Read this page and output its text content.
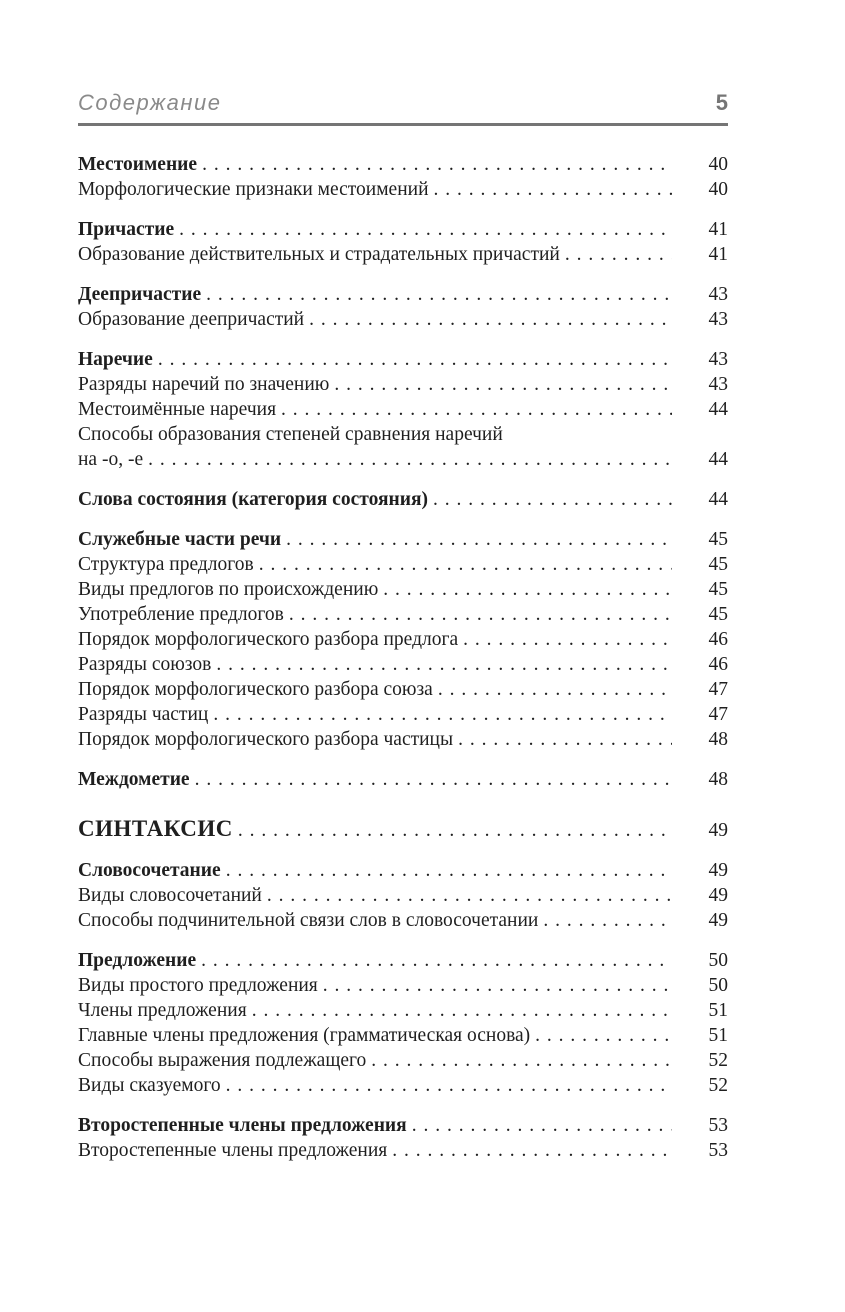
Содержание	5
Местоимение . . .	40
Морфологические признаки местоимений . . .	40
Причастие . . .	41
Образование действительных и страдательных причастий . . .	41
Деепричастие . . .	43
Образование деепричастий . . .	43
Наречие . . .	43
Разряды наречий по значению . . .	43
Местоимённые наречия . . .	44
Способы образования степеней сравнения наречий
на -о, -е . . .	44
Слова состояния (категория состояния) . . .	44
Служебные части речи . . .	45
Структура предлогов . . .	45
Виды предлогов по происхождению . . .	45
Употребление предлогов . . .	45
Порядок морфологического разбора предлога . . .	46
Разряды союзов . . .	46
Порядок морфологического разбора союза . . .	47
Разряды частиц . . .	47
Порядок морфологического разбора частицы . . .	48
Междометие . . .	48
СИНТАКСИС . . .	49
Словосочетание . . .	49
Виды словосочетаний . . .	49
Способы подчинительной связи слов в словосочетании . . .	49
Предложение . . .	50
Виды простого предложения . . .	50
Члены предложения . . .	51
Главные члены предложения (грамматическая основа) . . .	51
Способы выражения подлежащего . . .	52
Виды сказуемого . . .	52
Второстепенные члены предложения . . .	53
Второстепенные члены предложения . . .	53
